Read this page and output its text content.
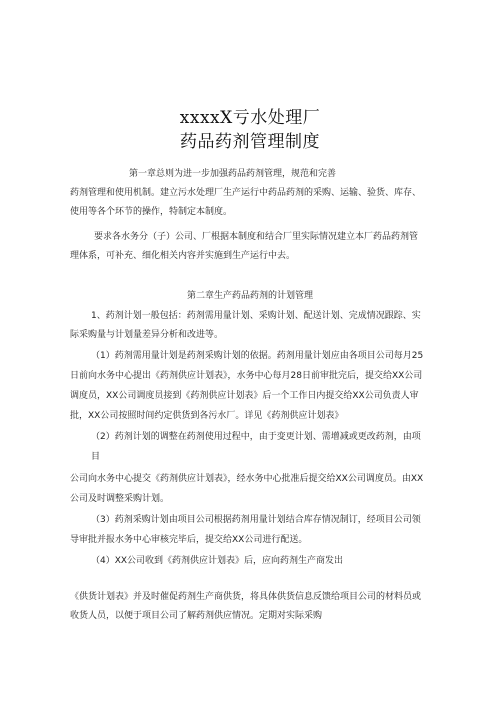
xxxxX亏水处理厂
药品药剂管理制度
第一章总则为进一步加强药品药剂管理，规范和完善
药剂管理和使用机制。建立污水处理厂生产运行中药品药剂的采购、运输、验货、库存、
使用等各个环节的操作，特制定本制度。
要求各水务分（子）公司、厂根据本制度和结合厂里实际情况建立本厂药品药剂管
理体系，可补充、细化相关内容并实施到生产运行中去。
第二章生产药品药剂的计划管理
1、药剂计划一般包括：药剂需用量计划、采购计划、配送计划、完成情况跟踪、实
际采购量与计划量差异分析和改进等。
（1）药剂需用量计划是药剂采购计划的依据。药剂用量计划应由各项目公司每月25
日前向水务中心提出《药剂供应计划表》，水务中心每月28日前审批完后，提交给XX公司
调度员，XX公司调度员接到《药剂供应计划表》后一个工作日内提交给XX公司负责人审
批，XX公司按照时间约定供货到各污水厂。详见《药剂供应计划表》
（2）药剂计划的调整在药剂使用过程中，由于变更计划、需增减或更改药剂，由项
目
公司向水务中心提交《药剂供应计划表》，经水务中心批准后提交给XX公司调度员。由XX
公司及时调整采购计划。
（3）药剂采购计划由项目公司根据药剂用量计划结合库存情况制订，经项目公司领
导审批并报水务中心审核完毕后，提交给XX公司进行配送。
（4）XX公司收到《药剂供应计划表》后，应向药剂生产商发出
《供货计划表》并及时催促药剂生产商供货，将具体供货信息反馈给项目公司的材料员或
收货人员，以便于项目公司了解药剂供应情况。定期对实际采购
